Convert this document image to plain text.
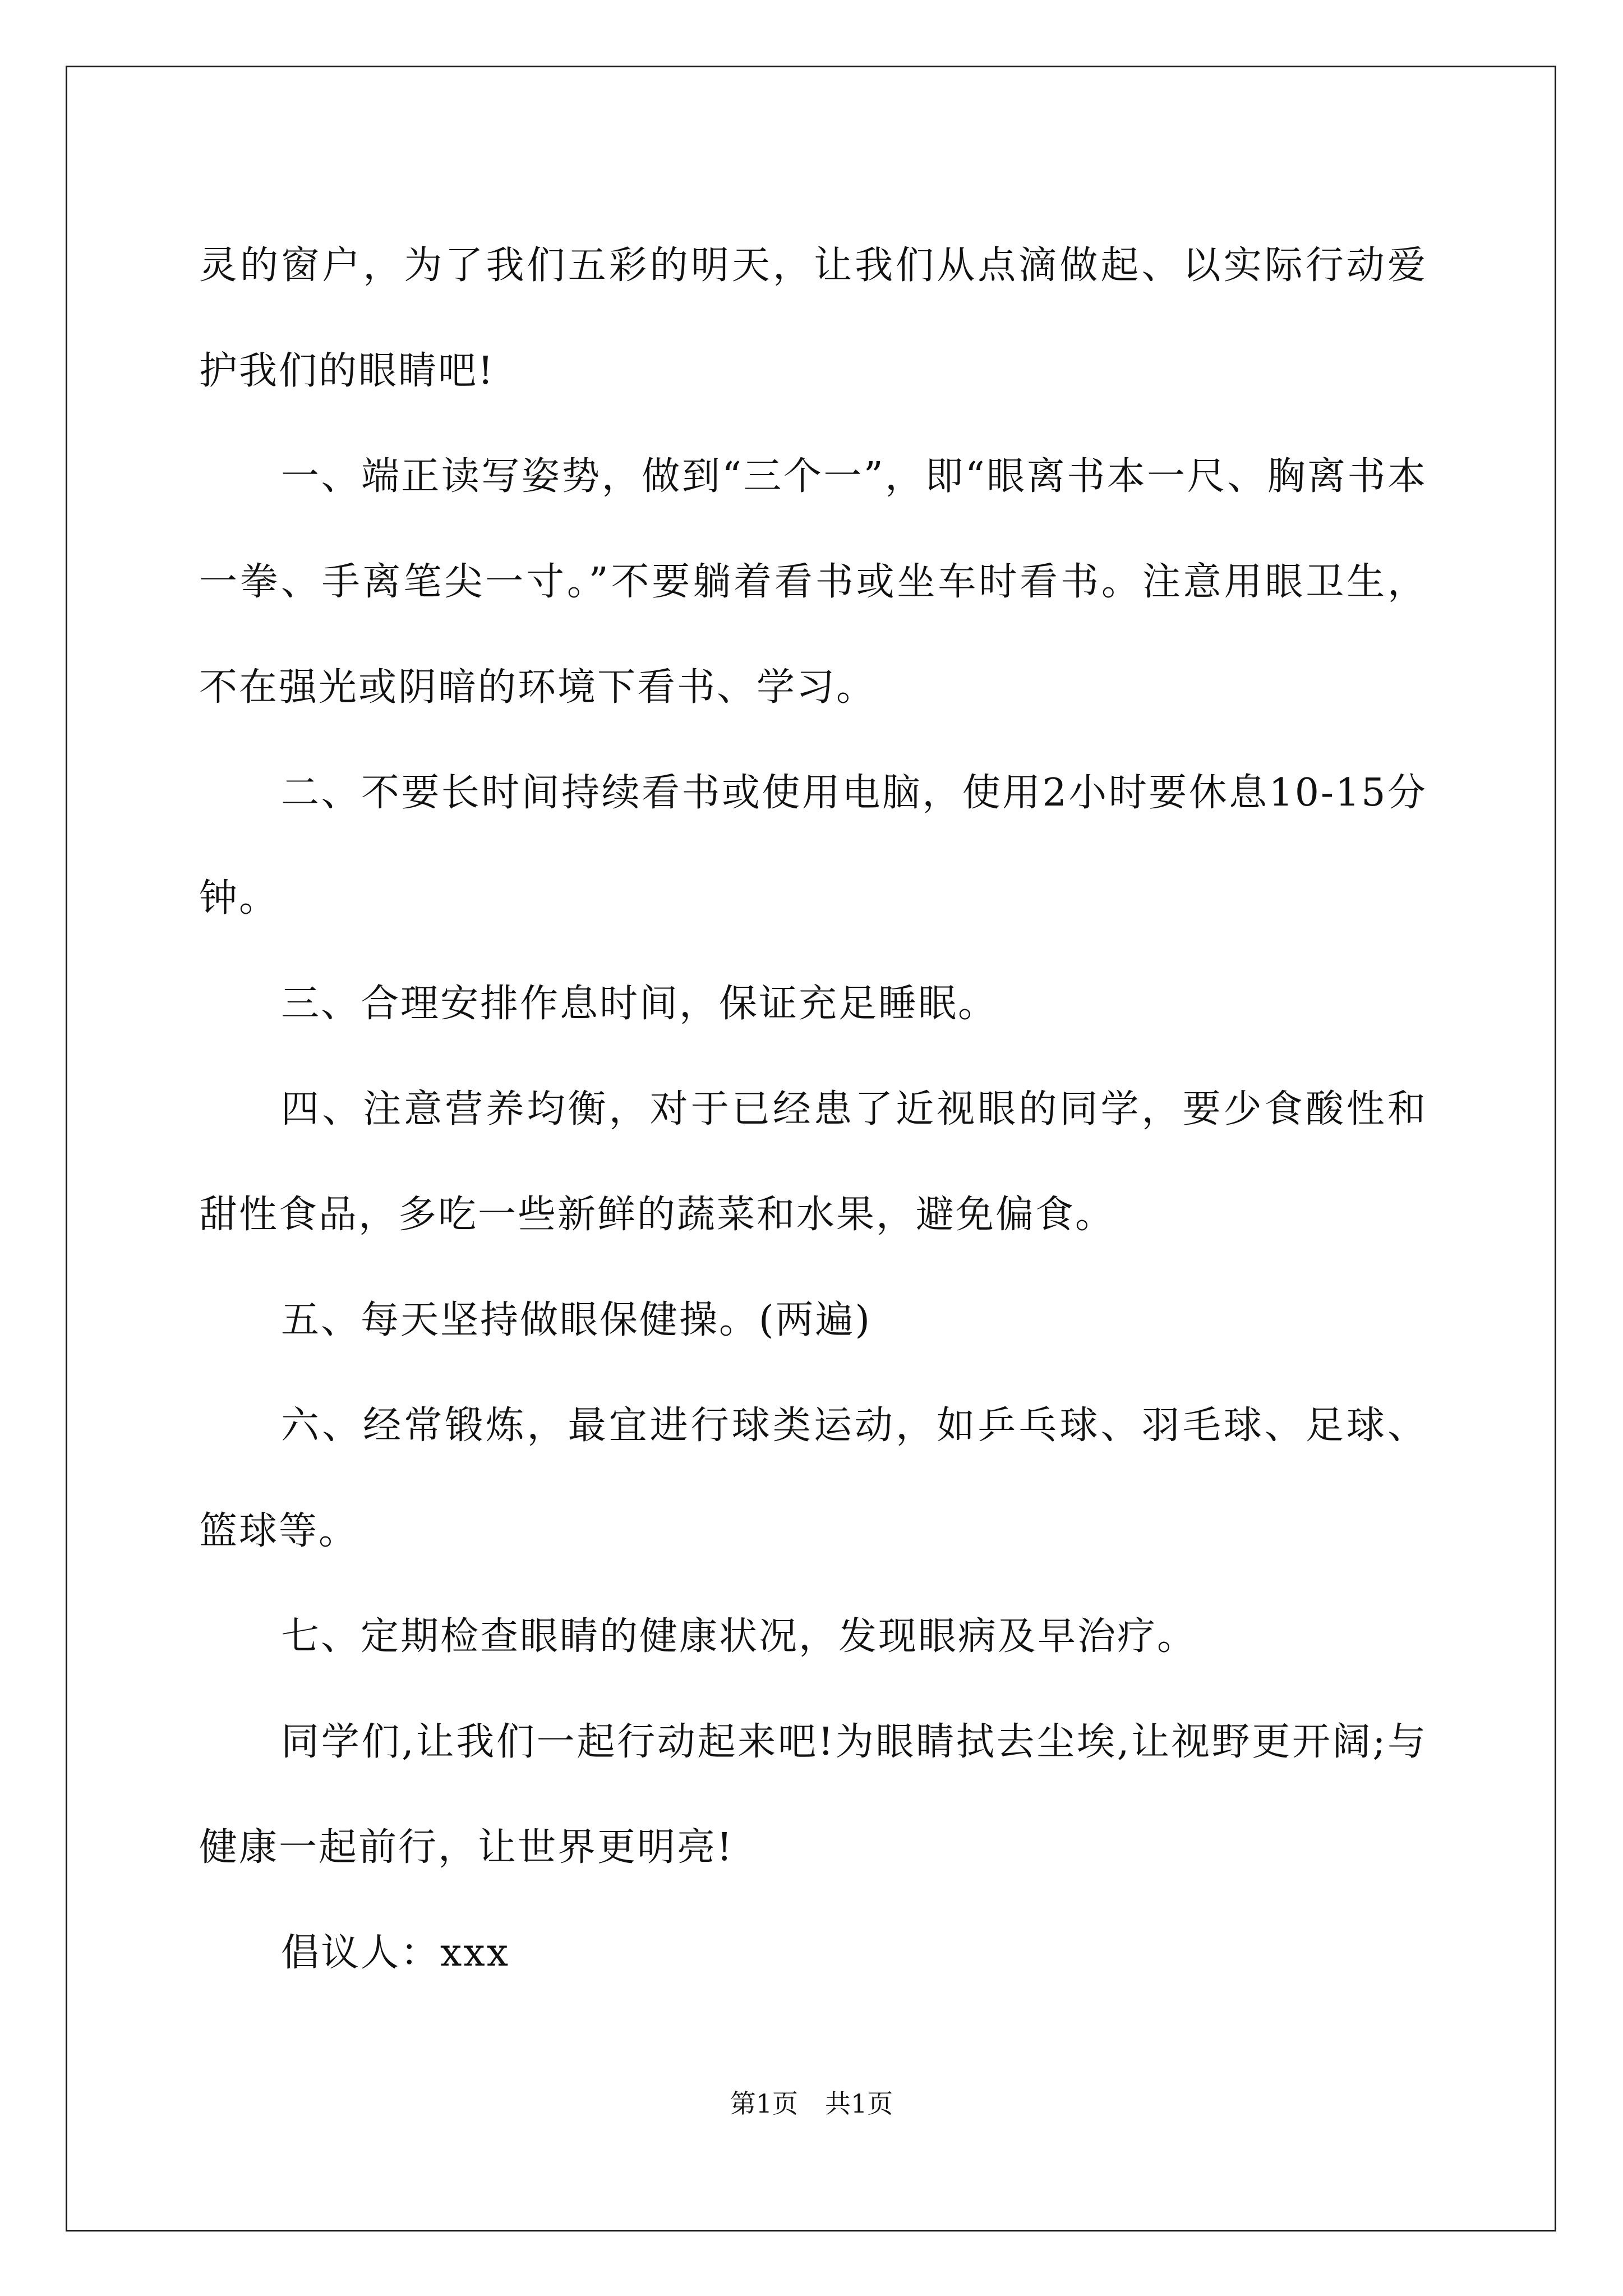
灵的窗户，为了我们五彩的明天，让我们从点滴做起、以实际行动爱护我们的眼睛吧!

一、端正读写姿势，做到“三个一”，即“眼离书本一尺、胸离书本一拳、手离笔尖一寸。”不要躺着看书或坐车时看书。注意用眼卫生，不在强光或阴暗的环境下看书、学习。

二、不要长时间持续看书或使用电脑，使用2小时要休息10-15分钟。

三、合理安排作息时间，保证充足睡眠。

四、注意营养均衡，对于已经患了近视眼的同学，要少食酸性和甜性食品，多吃一些新鲜的蔬菜和水果，避免偏食。

五、每天坚持做眼保健操。(两遍)

六、经常锻炼，最宜进行球类运动，如乒乓球、羽毛球、足球、篮球等。

七、定期检查眼睛的健康状况，发现眼病及早治疗。

同学们,让我们一起行动起来吧!为眼睛拭去尘埃,让视野更开阔;与健康一起前行，让世界更明亮!

倡议人：xxx

第1页 共1页
